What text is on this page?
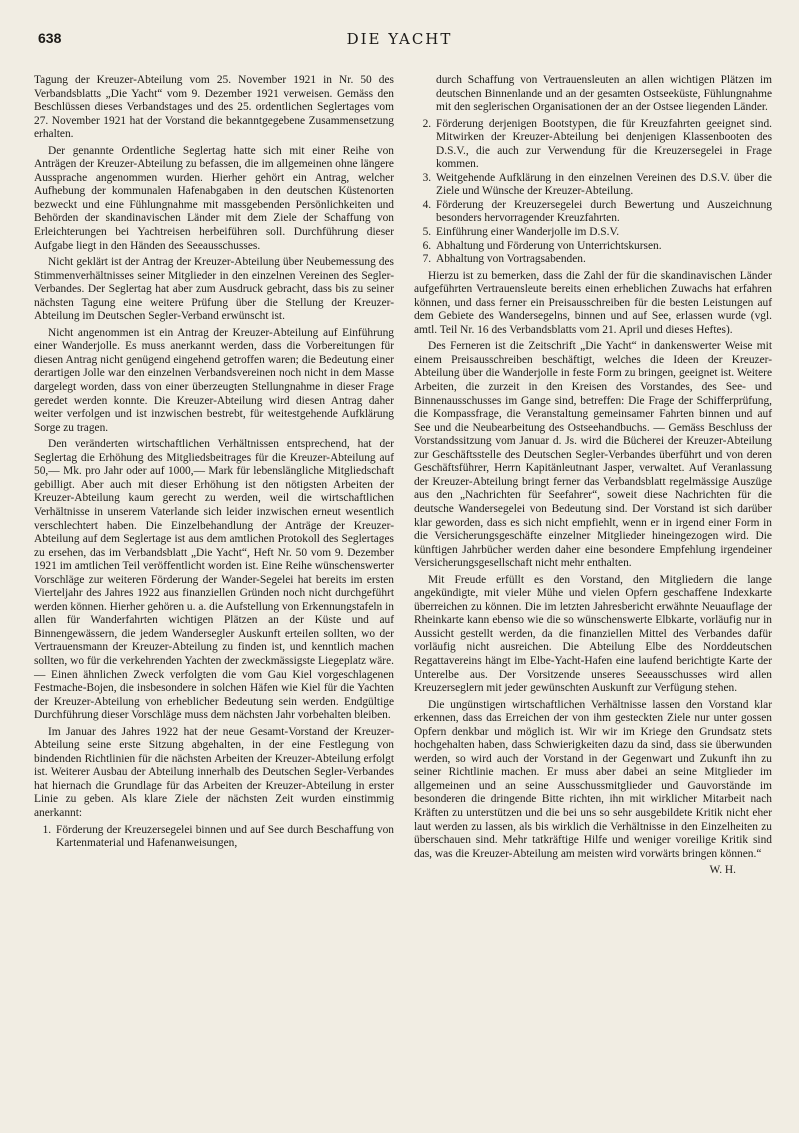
638	DIE YACHT

Tagung der Kreuzer-Abteilung vom 25. November 1921 in Nr. 50 des Verbandsblatts „Die Yacht“ vom 9. Dezember 1921 verweisen. Gemäss den Beschlüssen dieses Verbandstages und des 25. ordentlichen Seglertages vom 27. November 1921 hat der Vorstand die bekanntgegebene Zusammensetzung erhalten.

Der genannte Ordentliche Seglertag hatte sich mit einer Reihe von Anträgen der Kreuzer-Abteilung zu befassen, die im allgemeinen ohne längere Aussprache angenommen wurden. Hierher gehört ein Antrag, welcher Aufhebung der kommunalen Hafenabgaben in den deutschen Küstenorten bezweckt und eine Fühlungnahme mit massgebenden Persönlichkeiten und Behörden der skandinavischen Länder mit dem Ziele der Schaffung von Erleichterungen bei Yachtreisen herbeiführen soll. Durchführung dieser Aufgabe liegt in den Händen des Seeausschusses.

Nicht geklärt ist der Antrag der Kreuzer-Abteilung über Neubemessung des Stimmenverhältnisses seiner Mitglieder in den einzelnen Vereinen des Segler-Verbandes. Der Seglertag hat aber zum Ausdruck gebracht, dass bis zu seiner nächsten Tagung eine weitere Prüfung über die Stellung der Kreuzer-Abteilung im Deutschen Segler-Verband erwünscht ist.

Nicht angenommen ist ein Antrag der Kreuzer-Abteilung auf Einführung einer Wanderjolle. Es muss anerkannt werden, dass die Vorbereitungen für diesen Antrag nicht genügend eingehend getroffen waren; die Bedeutung einer derartigen Jolle war den einzelnen Verbandsvereinen noch nicht in dem Masse dargelegt worden, dass von einer überzeugten Stellungnahme in dieser Frage geredet werden konnte. Die Kreuzer-Abteilung wird diesen Antrag daher weiter verfolgen und ist inzwischen bestrebt, für weitestgehende Aufklärung Sorge zu tragen.

Den veränderten wirtschaftlichen Verhältnissen entsprechend, hat der Seglertag die Erhöhung des Mitgliedsbeitrages für die Kreuzer-Abteilung auf 50,— Mk. pro Jahr oder auf 1000,— Mark für lebenslängliche Mitgliedschaft gebilligt. Aber auch mit dieser Erhöhung ist den nötigsten Arbeiten der Kreuzer-Abteilung kaum gerecht zu werden, weil die wirtschaftlichen Verhältnisse in unserem Vaterlande sich leider inzwischen erneut wesentlich verschlechtert haben. Die Einzelbehandlung der Anträge der Kreuzer-Abteilung auf dem Seglertage ist aus dem amtlichen Protokoll des Seglertages zu ersehen, das im Verbandsblatt „Die Yacht“, Heft Nr. 50 vom 9. Dezember 1921 im amtlichen Teil veröffentlicht worden ist. Eine Reihe wünschenswerter Vorschläge zur weiteren Förderung der Wander-Segelei hat bereits im ersten Vierteljahr des Jahres 1922 aus finanziellen Gründen noch nicht durchgeführt werden können. Hierher gehören u. a. die Aufstellung von Erkennungstafeln in allen für Wanderfahrten wichtigen Plätzen an der Küste und auf Binnengewässern, die jedem Wandersegler Auskunft erteilen sollten, wo der Vertrauensmann der Kreuzer-Abteilung zu finden ist, und kenntlich machen sollten, wo für die verkehrenden Yachten der zweckmässigste Liegeplatz wäre. — Einen ähnlichen Zweck verfolgten die vom Gau Kiel vorgeschlagenen Festmache-Bojen, die insbesondere in solchen Häfen wie Kiel für die Yachten der Kreuzer-Abteilung von erheblicher Bedeutung sein werden. Endgültige Durchführung dieser Vorschläge muss dem nächsten Jahr vorbehalten bleiben.

Im Januar des Jahres 1922 hat der neue Gesamt-Vorstand der Kreuzer-Abteilung seine erste Sitzung abgehalten, in der eine Festlegung von bindenden Richtlinien für die nächsten Arbeiten der Kreuzer-Abteilung erfolgt ist. Weiterer Ausbau der Abteilung innerhalb des Deutschen Segler-Verbandes hat hiernach die Grundlage für das Arbeiten der Kreuzer-Abteilung in erster Linie zu geben. Als klare Ziele der nächsten Zeit wurden einstimmig anerkannt:

1. Förderung der Kreuzersegelei binnen und auf See durch Beschaffung von Kartenmaterial und Hafenanweisungen,

durch Schaffung von Vertrauensleuten an allen wichtigen Plätzen im deutschen Binnenlande und an der gesamten Ostseeküste, Fühlungnahme mit den seglerischen Organisationen der an der Ostsee liegenden Länder.

2. Förderung derjenigen Bootstypen, die für Kreuzfahrten geeignet sind. Mitwirken der Kreuzer-Abteilung bei denjenigen Klassenbooten des D.S.V., die auch zur Verwendung für die Kreuzersegelei in Frage kommen.
3. Weitgehende Aufklärung in den einzelnen Vereinen des D.S.V. über die Ziele und Wünsche der Kreuzer-Abteilung.
4. Förderung der Kreuzersegelei durch Bewertung und Auszeichnung besonders hervorragender Kreuzfahrten.
5. Einführung einer Wanderjolle im D.S.V.
6. Abhaltung und Förderung von Unterrichtskursen.
7. Abhaltung von Vortragsabenden.

Hierzu ist zu bemerken, dass die Zahl der für die skandinavischen Länder aufgeführten Vertrauensleute bereits einen erheblichen Zuwachs hat erfahren können, und dass ferner ein Preisausschreiben für die besten Leistungen auf dem Gebiete des Wandersegelns, binnen und auf See, erlassen wurde (vgl. amtl. Teil Nr. 16 des Verbandsblatts vom 21. April und dieses Heftes).

Des Ferneren ist die Zeitschrift „Die Yacht“ in dankenswerter Weise mit einem Preisausschreiben beschäftigt, welches die Ideen der Kreuzer-Abteilung über die Wanderjolle in feste Form zu bringen, geeignet ist. Weitere Arbeiten, die zurzeit in den Kreisen des Vorstandes, des See- und Binnenausschusses im Gange sind, betreffen: Die Frage der Schifferprüfung, die Kompassfrage, die Veranstaltung gemeinsamer Fahrten binnen und auf See und die Neubearbeitung des Ostseehandbuchs. — Gemäss Beschluss der Vorstandssitzung vom Januar d. Js. wird die Bücherei der Kreuzer-Abteilung zur Geschäftsstelle des Deutschen Segler-Verbandes überführt und von deren Geschäftsführer, Herrn Kapitänleutnant Jasper, verwaltet. Auf Veranlassung der Kreuzer-Abteilung bringt ferner das Verbandsblatt regelmässige Auszüge aus den „Nachrichten für Seefahrer“, soweit diese Nachrichten für die deutsche Wandersegelei von Bedeutung sind. Der Vorstand ist sich darüber klar geworden, dass es sich nicht empfiehlt, wenn er in irgend einer Form in die Versicherungsgeschäfte einzelner Mitglieder hineingezogen wird. Die künftigen Jahrbücher werden daher eine besondere Empfehlung irgendeiner Versicherungsgesellschaft nicht mehr enthalten.

Mit Freude erfüllt es den Vorstand, den Mitgliedern die lange angekündigte, mit vieler Mühe und vielen Opfern geschaffene Indexkarte überreichen zu können. Die im letzten Jahresbericht erwähnte Neuauflage der Rheinkarte kann ebenso wie die so wünschenswerte Elbkarte, vorläufig nur in Aussicht gestellt werden, da die finanziellen Mittel des Verbandes dafür vorläufig nicht ausreichen. Die Abteilung Elbe des Norddeutschen Regattavereins hängt im Elbe-Yacht-Hafen eine laufend berichtigte Karte der Unterelbe aus. Der Vorsitzende unseres Seeausschusses wird allen Kreuzerseglern mit jeder gewünschten Auskunft zur Verfügung stehen.

Die ungünstigen wirtschaftlichen Verhältnisse lassen den Vorstand klar erkennen, dass das Erreichen der von ihm gesteckten Ziele nur unter gossen Opfern denkbar und möglich ist. Wir wir im Kriege den Grundsatz stets hochgehalten haben, dass Schwierigkeiten dazu da sind, dass sie überwunden werden, so wird auch der Vorstand in der Gegenwart und Zukunft ihn zu seiner Richtlinie machen. Er muss aber dabei an seine Mitglieder im allgemeinen und an seine Ausschussmitglieder und Gauvorstände im besonderen die dringende Bitte richten, ihn mit wirklicher Mitarbeit nach Kräften zu unterstützen und die bei uns so sehr ausgebildete Kritik nicht eher laut werden zu lassen, als bis wirklich die Verhältnisse in den Einzelheiten zu überschauen sind. Mehr tatkräftige Hilfe und weniger voreilige Kritik sind das, was die Kreuzer-Abteilung am meisten wird vorwärts bringen können.“

W. H.
